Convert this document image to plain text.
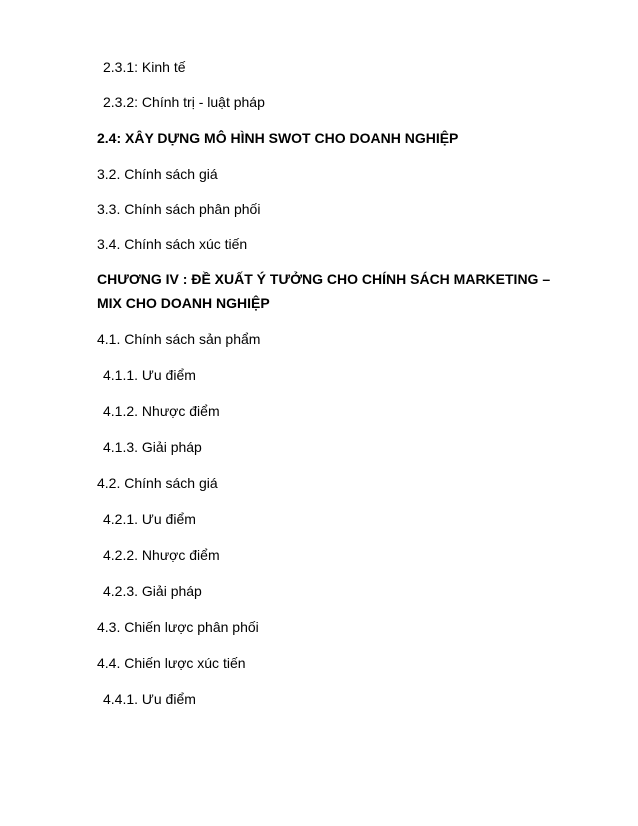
2.3.1: Kinh tế
2.3.2: Chính trị - luật pháp
2.4: XÂY DỰNG MÔ HÌNH SWOT CHO DOANH NGHIỆP
3.2. Chính sách giá
3.3. Chính sách phân phối
3.4. Chính sách xúc tiến
CHƯƠNG IV : ĐỀ XUẤT Ý TƯỞNG CHO CHÍNH SÁCH MARKETING –
MIX CHO DOANH NGHIỆP
4.1. Chính sách sản phẩm
4.1.1. Ưu điểm
4.1.2. Nhược điểm
4.1.3. Giải pháp
4.2. Chính sách giá
4.2.1. Ưu điểm
4.2.2. Nhược điểm
4.2.3. Giải pháp
4.3. Chiến lược phân phối
4.4. Chiến lược xúc tiến
4.4.1. Ưu điểm
